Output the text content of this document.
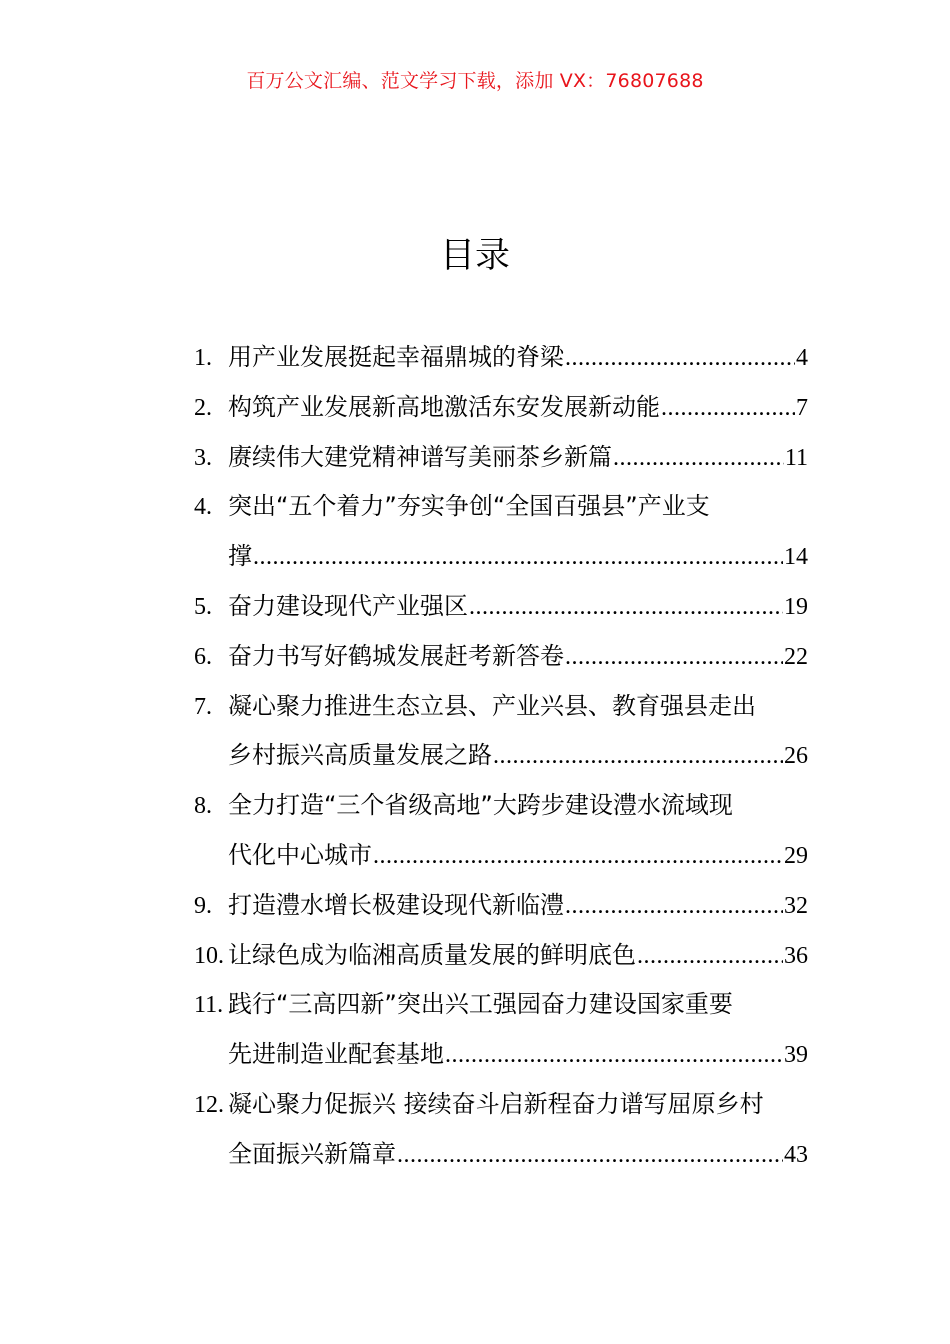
百万公文汇编、范文学习下载，添加 VX：76807688
目录
1. 用产业发展挺起幸福鼎城的脊梁 .....	4
2. 构筑产业发展新高地激活东安发展新动能 .....	7
3. 赓续伟大建党精神谱写美丽茶乡新篇 .....	11
4. 突出“五个着力”夯实争创“全国百强县”产业支
撑 .....	14
5. 奋力建设现代产业强区 .....	19
6. 奋力书写好鹤城发展赶考新答卷 .....	22
7. 凝心聚力推进生态立县、产业兴县、教育强县走出
乡村振兴高质量发展之路 .....	26
8. 全力打造“三个省级高地”大跨步建设澧水流域现
代化中心城市 .....	29
9. 打造澧水增长极建设现代新临澧 .....	32
10. 让绿色成为临湘高质量发展的鲜明底色 .....	36
11. 践行“三高四新”突出兴工强园奋力建设国家重要
先进制造业配套基地 .....	39
12. 凝心聚力促振兴 接续奋斗启新程奋力谱写屈原乡村
全面振兴新篇章 .....	43
